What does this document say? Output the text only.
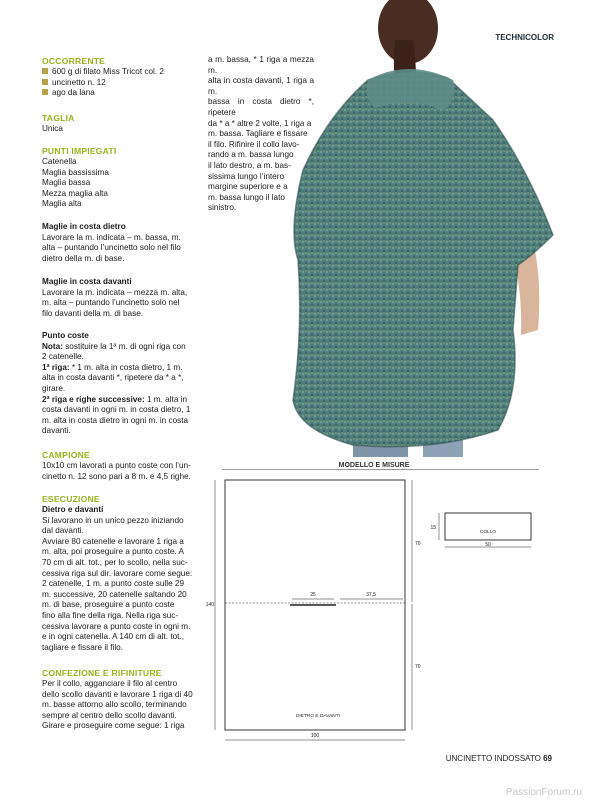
TECHNICOLOR

OCCORRENTE

600 g di filato Miss Tricot col. 2

uncinetto n. 12

ago da lana

TAGLIA

Unica

PUNTI IMPIEGATI

Catenella

Maglia bassissima

Maglia bassa

Mezza maglia alta

Maglia alta

Maglie in costa dietro

Lavorare la m. indicata – m. bassa, m.

alta – puntando l’uncinetto solo nel filo

dietro della m. di base.

Maglie in costa davanti

Lavorare la m. indicata – mezza m. alta,

m. alta – puntando l’uncinetto solo nel

filo davanti della m. di base.

Punto coste

Nota: sostituire la 1ª m. di ogni riga con

2 catenelle.

1ª riga: * 1 m. alta in costa dietro, 1 m.

alta in costa davanti *, ripetere da * a *,

girare.

2ª riga e righe successive: 1 m. alta in

costa davanti in ogni m. in costa dietro, 1

m. alta in costa dietro in ogni m. in costa

davanti.

CAMPIONE

10x10 cm lavorati a punto coste con l’un-

cinetto n. 12 sono pari a 8 m. e 4,5 righe.

ESECUZIONE

Dietro e davanti

Si lavorano in un unico pezzo iniziando

dal davanti.

Avviare 80 catenelle e lavorare 1 riga a

m. alta, poi proseguire a punto coste. A

70 cm di alt. tot., per lo scollo, nella suc-

cessiva riga sul dir. lavorare come segue:

2 catenelle, 1 m. a punto coste sulle 29

m. successive, 20 catenelle saltando 20

m. di base, proseguire a punto coste

fino alla fine della riga. Nella riga suc-

cessiva lavorare a punto coste in ogni m.

e in ogni catenella. A 140 cm di alt. tot.,

tagliare e fissare il filo.

CONFEZIONE E RIFINITURE

Per il collo, agganciare il filo al centro

dello scollo davanti e lavorare 1 riga di 40

m. basse attorno allo scollo, terminando

sempre al centro dello scollo davanti.

Girare e proseguire come segue: 1 riga

a m. bassa, * 1 riga a mezza m.

alta in costa davanti, 1 riga a m.

bassa in costa dietro *, ripetere

da * a * altre 2 volte, 1 riga a

m. bassa. Tagliare e fissare

il filo. Rifinire il collo lavo-

rando a m. bassa lungo

il lato destro, a m. bas-

sissima lungo l’intero

margine superiore e a

m. bassa lungo il lato

sinistro.

MODELLO E MISURE
25	37,5
140
70
70
100
DIETRO E DAVANTI
COLLO
15
50
UNCINETTO INDOSSATO 69
PassionForum.ru
